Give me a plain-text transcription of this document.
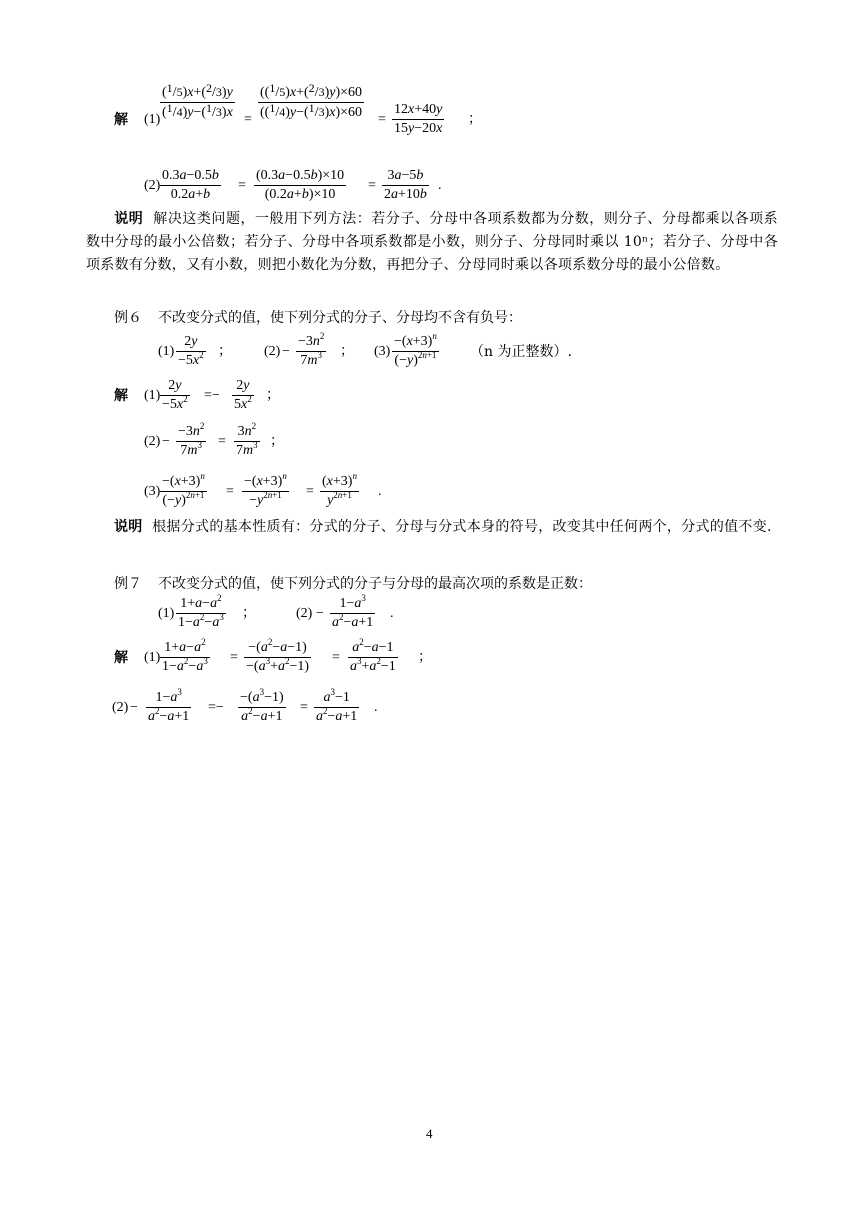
解 $(1) \frac{(^1/5)x+(^2/3)y}{(^1/4)y-(^1/3)x} = \frac{((^1/5)x+(^2/3)y)\times 60}{((^1/4)y-(^1/3)x)\times 60} = \frac{12x+40y}{15y-20x}$ ；
$(2) \frac{0.3a-0.5b}{0.2a+b} = \frac{(0.3a-0.5b)\times 10}{(0.2a+b)\times 10} = \frac{3a-5b}{2a+10b}$ .
说明 解决这类问题，一般用下列方法：若分子、分母中各项系数都为分数，则分子、分母都乘以各项系数中分母的最小公倍数；若分子、分母中各项系数都是小数，则分子、分母同时乘以 10ⁿ；若分子、分母中各项系数有分数，又有小数，则把小数化为分数，再把分子、分母同时乘以各项系数分母的最小公倍数。
例６ 不改变分式的值，使下列分式的分子、分母均不含有负号：
$(1) \frac{2y}{-5x^2}$ ； $(2) - \frac{-3n^2}{7m^3}$ ； $(3) \frac{-(x+3)^n}{(-y)^{2n+1}} (n$ 为正整数）.
解 $(1) \frac{2y}{-5x^2} =- \frac{2y}{5x^2}$ ；
$(2) - \frac{-3n^2}{7m^3} = \frac{3n^2}{7m^3}$ ；
$(3) \frac{-(x+3)^n}{(-y)^{2n+1}} = \frac{-(x+3)^n}{-y^{2n+1}} = \frac{(x+3)^n}{y^{2n+1}}$ .
说明 根据分式的基本性质有：分式的分子、分母与分式本身的符号，改变其中任何两个，分式的值不变.
例７ 不改变分式的值，使下列分式的分子与分母的最高次项的系数是正数：
$(1) \frac{1+a-a^2}{1-a^2-a^3}$ ；	$(2) - \frac{1-a^3}{a^2-a+1}$ .
解 $(1) \frac{1+a-a^2}{1-a^2-a^3} = \frac{-(a^2-a-1)}{-(a^3+a^2-1)} = \frac{a^2-a-1}{a^3+a^2-1}$ ；
$(2) - \frac{1-a^3}{a^2-a+1} =- \frac{-(a^3-1)}{a^2-a+1} = \frac{a^3-1}{a^2-a+1}$ .
4
